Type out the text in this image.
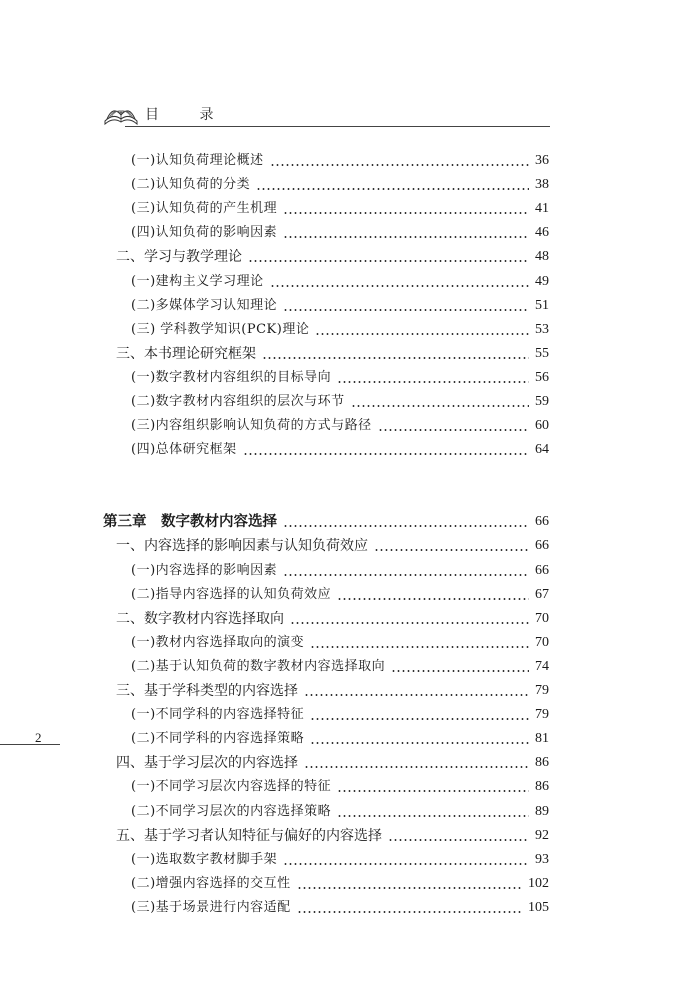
目 录
(一)认知负荷理论概述	36
(二)认知负荷的分类	38
(三)认知负荷的产生机理	41
(四)认知负荷的影响因素	46
二、学习与教学理论	48
(一)建构主义学习理论	49
(二)多媒体学习认知理论	51
(三) 学科教学知识(PCK)理论	53
三、本书理论研究框架	55
(一)数字教材内容组织的目标导向	56
(二)数字教材内容组织的层次与环节	59
(三)内容组织影响认知负荷的方式与路径	60
(四)总体研究框架	64
第三章　数字教材内容选择	66
一、内容选择的影响因素与认知负荷效应	66
(一)内容选择的影响因素	66
(二)指导内容选择的认知负荷效应	67
二、数字教材内容选择取向	70
(一)教材内容选择取向的演变	70
(二)基于认知负荷的数字教材内容选择取向	74
三、基于学科类型的内容选择	79
(一)不同学科的内容选择特征	79
(二)不同学科的内容选择策略	81
四、基于学习层次的内容选择	86
(一)不同学习层次内容选择的特征	86
(二)不同学习层次的内容选择策略	89
五、基于学习者认知特征与偏好的内容选择	92
(一)选取数字教材脚手架	93
(二)增强内容选择的交互性	102
(三)基于场景进行内容适配	105
2
